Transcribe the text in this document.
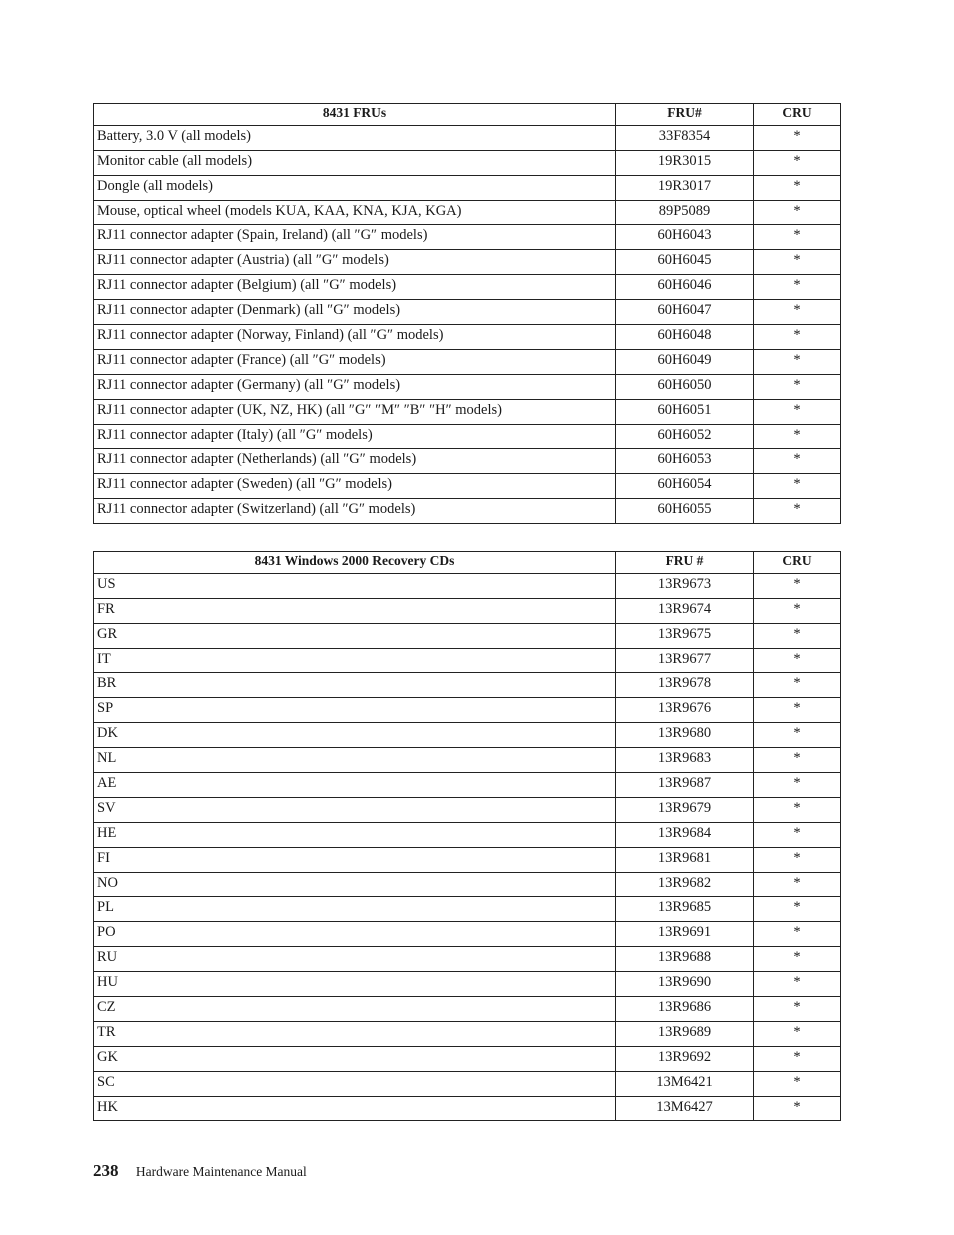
8431 FRUs	FRU#	CRU
Battery, 3.0 V (all models)	33F8354	*
Monitor cable (all models)	19R3015	*
Dongle (all models)	19R3017	*
Mouse, optical wheel (models KUA, KAA, KNA, KJA, KGA)	89P5089	*
RJ11 connector adapter (Spain, Ireland) (all ″G″ models)	60H6043	*
RJ11 connector adapter (Austria) (all ″G″ models)	60H6045	*
RJ11 connector adapter (Belgium) (all ″G″ models)	60H6046	*
RJ11 connector adapter (Denmark) (all ″G″ models)	60H6047	*
RJ11 connector adapter (Norway, Finland) (all ″G″ models)	60H6048	*
RJ11 connector adapter (France) (all ″G″ models)	60H6049	*
RJ11 connector adapter (Germany) (all ″G″ models)	60H6050	*
RJ11 connector adapter (UK, NZ, HK) (all ″G″ ″M″ ″B″ ″H″ models)	60H6051	*
RJ11 connector adapter (Italy) (all ″G″ models)	60H6052	*
RJ11 connector adapter (Netherlands) (all ″G″ models)	60H6053	*
RJ11 connector adapter (Sweden) (all ″G″ models)	60H6054	*
RJ11 connector adapter (Switzerland) (all ″G″ models)	60H6055	*
8431 Windows 2000 Recovery CDs	FRU #	CRU
US	13R9673	*
FR	13R9674	*
GR	13R9675	*
IT	13R9677	*
BR	13R9678	*
SP	13R9676	*
DK	13R9680	*
NL	13R9683	*
AE	13R9687	*
SV	13R9679	*
HE	13R9684	*
FI	13R9681	*
NO	13R9682	*
PL	13R9685	*
PO	13R9691	*
RU	13R9688	*
HU	13R9690	*
CZ	13R9686	*
TR	13R9689	*
GK	13R9692	*
SC	13M6421	*
HK	13M6427	*
238 Hardware Maintenance Manual
